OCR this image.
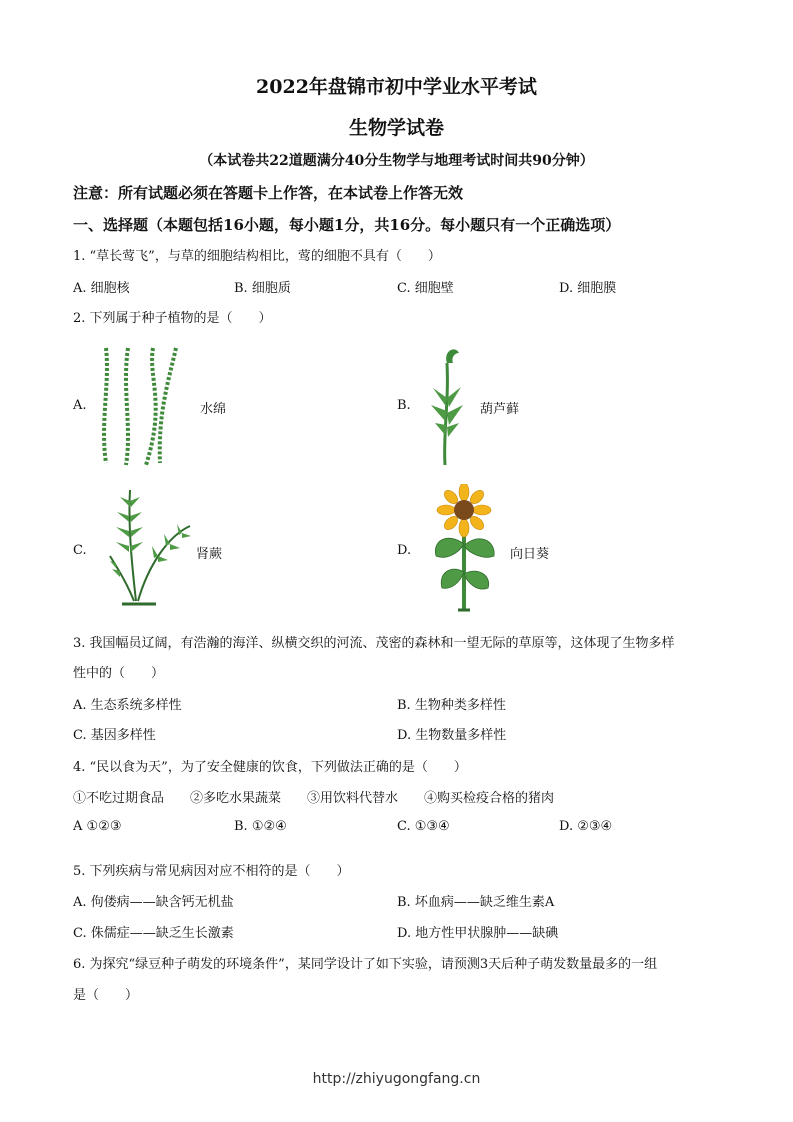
2022年盘锦市初中学业水平考试
生物学试卷
（本试卷共22道题满分40分生物学与地理考试时间共90分钟）
注意：所有试题必须在答题卡上作答，在本试卷上作答无效
一、选择题（本题包括16小题，每小题1分，共16分。每小题只有一个正确选项）
1. “草长莺飞”，与草的细胞结构相比，莺的细胞不具有（　　）
A. 细胞核	B. 细胞质	C. 细胞壁	D. 细胞膜
2. 下列属于种子植物的是（　　）
A.	水绵	B.	葫芦藓
C.	肾蕨	D.	向日葵
3. 我国幅员辽阔，有浩瀚的海洋、纵横交织的河流、茂密的森林和一望无际的草原等，这体现了生物多样
性中的（　　）
A. 生态系统多样性	B. 生物种类多样性
C. 基因多样性	D. 生物数量多样性
4. “民以食为天”，为了安全健康的饮食，下列做法正确的是（　　）
①不吃过期食品　　②多吃水果蔬菜　　③用饮料代替水　　④购买检疫合格的猪肉
A ①②③	B. ①②④	C. ①③④	D. ②③④
5. 下列疾病与常见病因对应不相符的是（　　）
A. 佝偻病——缺含钙无机盐	B. 坏血病——缺乏维生素A
C. 侏儒症——缺乏生长激素	D. 地方性甲状腺肿——缺碘
6. 为探究“绿豆种子萌发的环境条件”，某同学设计了如下实验，请预测3天后种子萌发数量最多的一组
是（　　）
http://zhiyugongfang.cn
